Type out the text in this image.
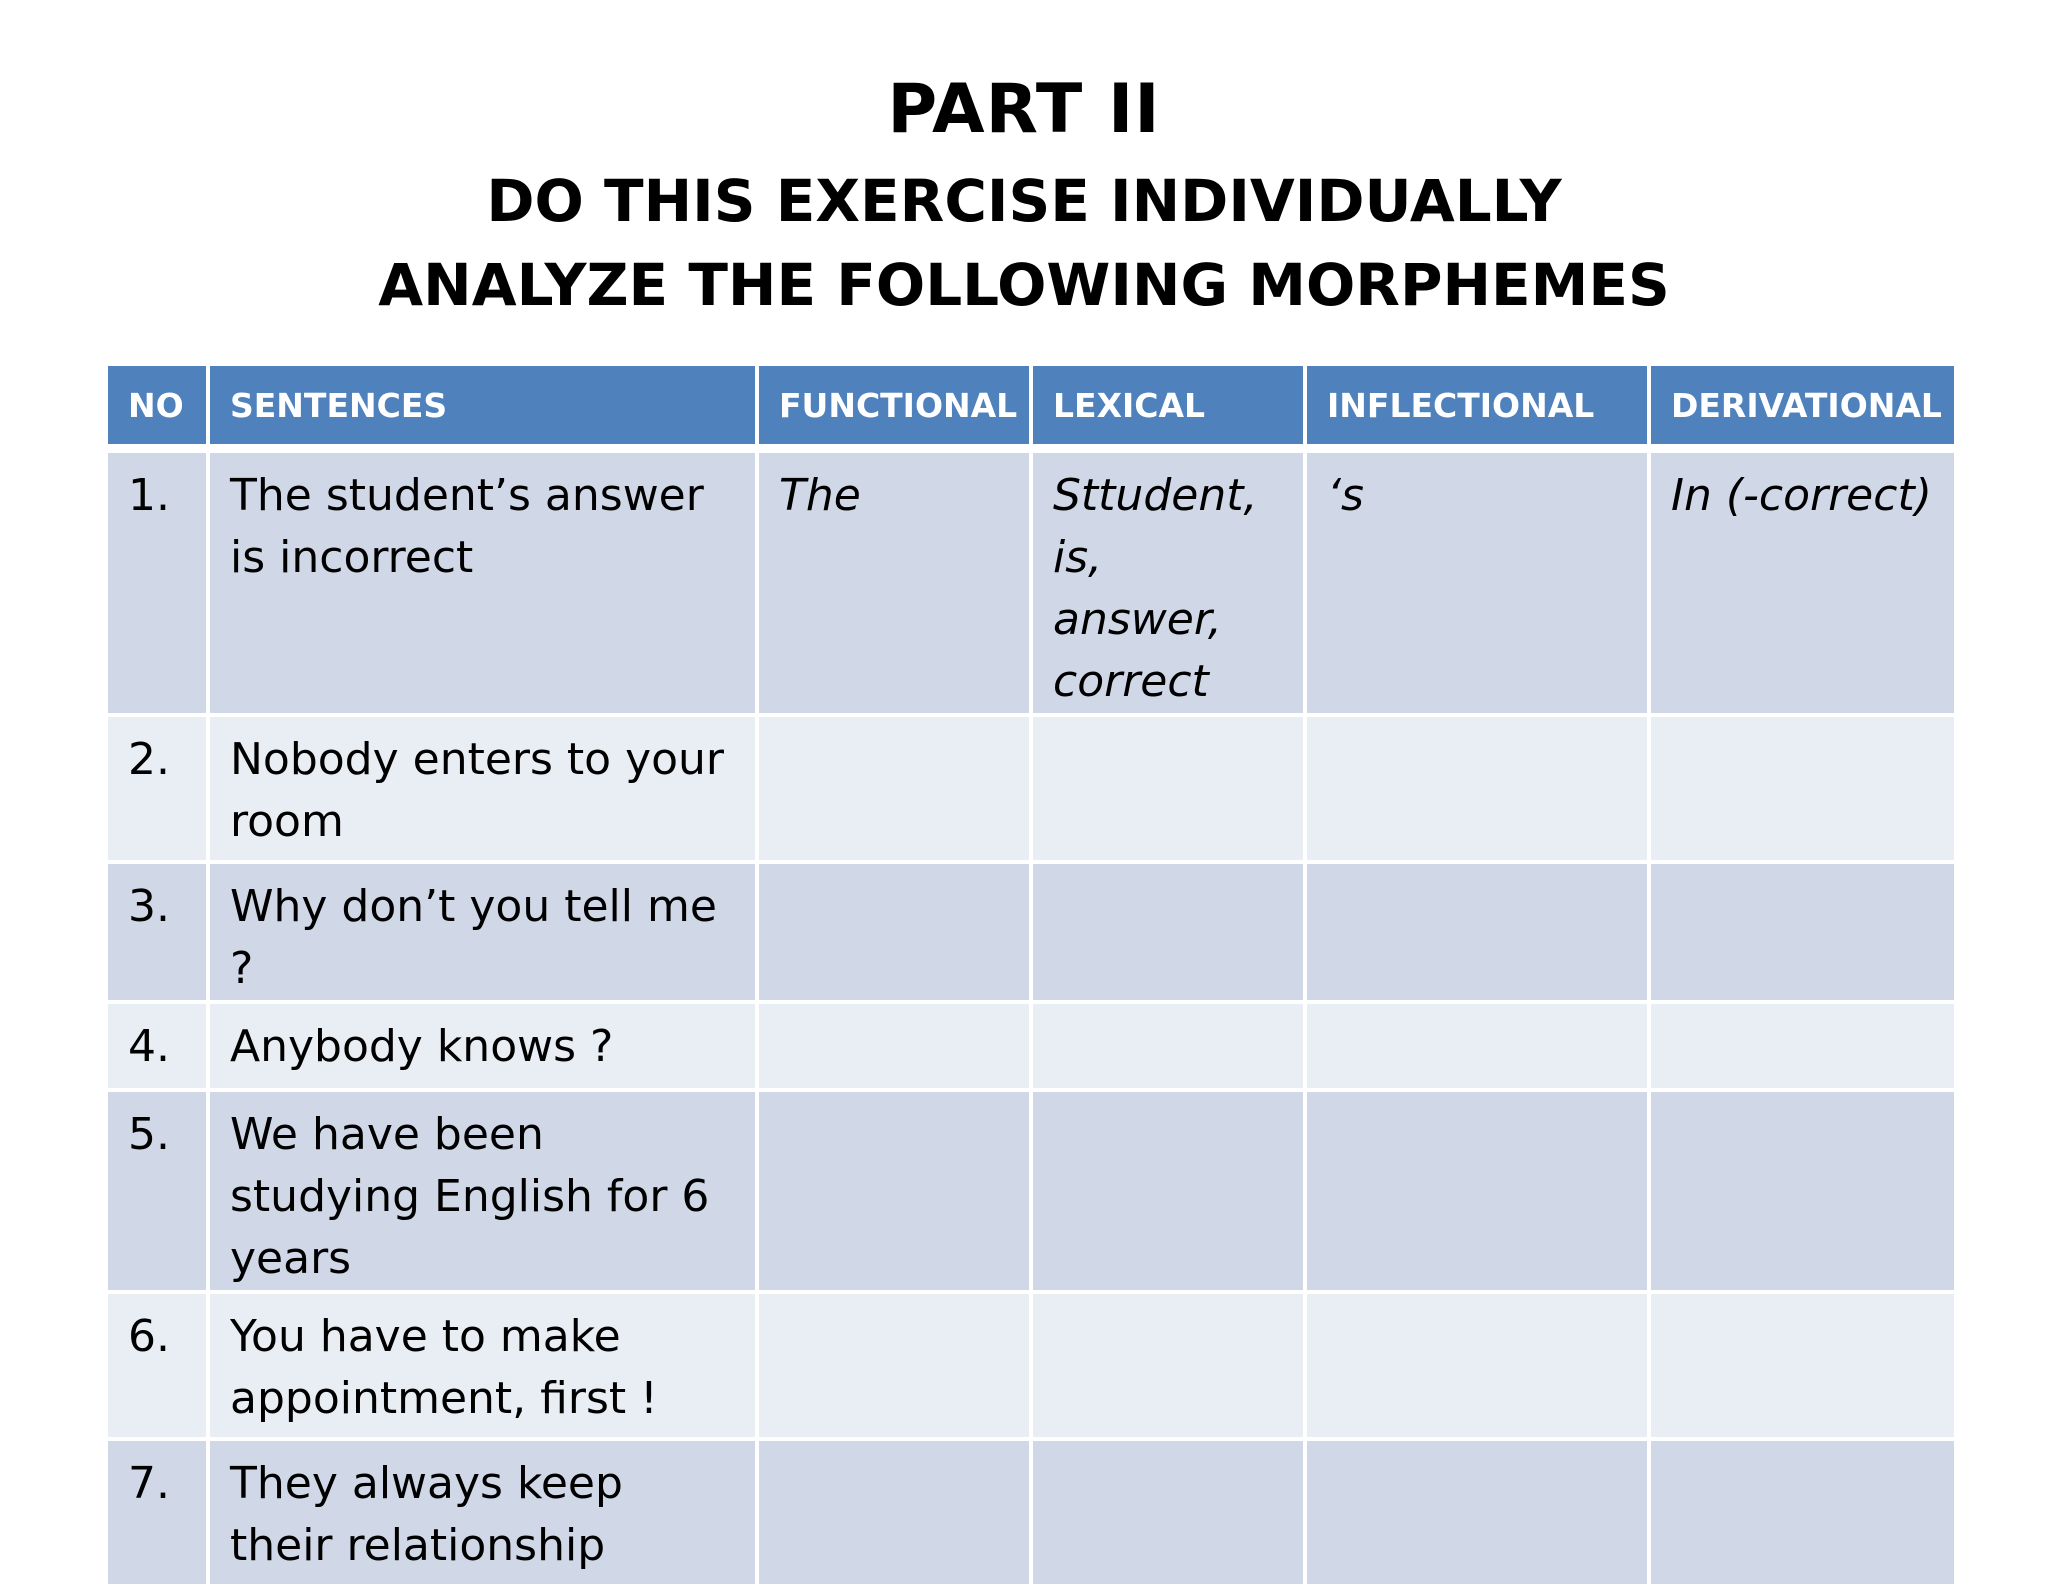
PART II
DO THIS EXERCISE INDIVIDUALLY
ANALYZE THE FOLLOWING MORPHEMES
NO	SENTENCES	FUNCTIONAL	LEXICAL	INFLECTIONAL	DERIVATIONAL
1.	The student’s answer is incorrect	The	Sttudent, is, answer, correct	‘s	In (-correct)
2.	Nobody enters to your room				
3.	Why don’t you tell me ?				
4.	Anybody knows ?				
5.	We have been studying English for 6 years				
6.	You have to make appointment, first !				
7.	They always keep their relationship				
